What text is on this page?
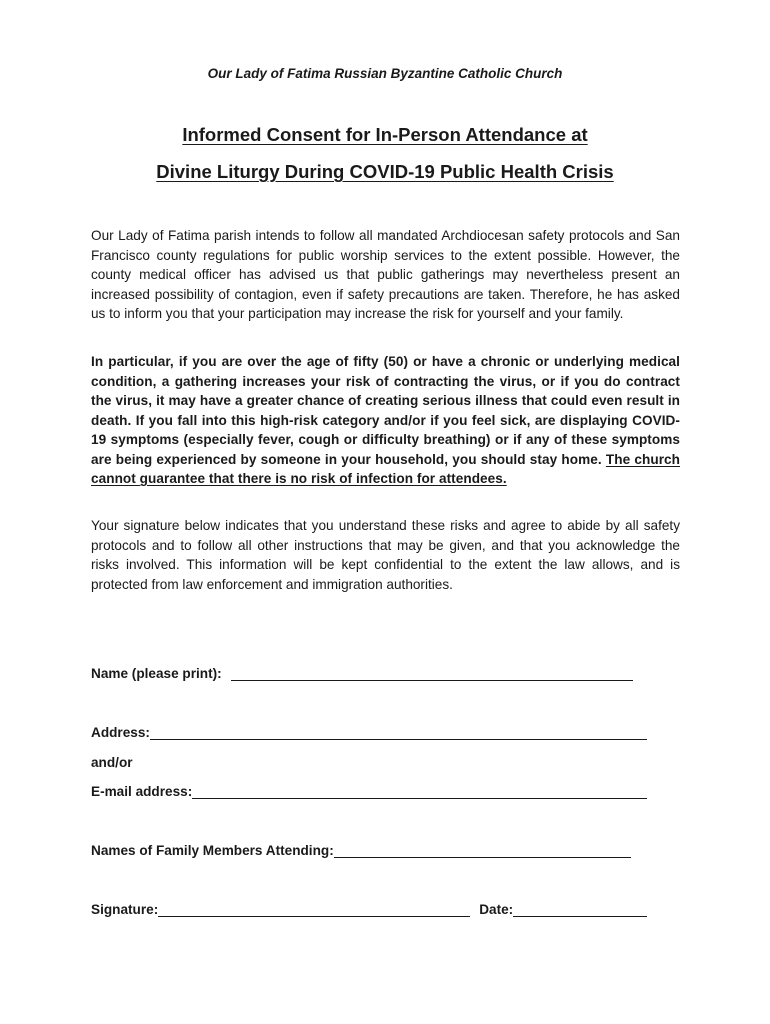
Our Lady of Fatima Russian Byzantine Catholic Church
Informed Consent for In-Person Attendance at
Divine Liturgy During COVID-19 Public Health Crisis

Our Lady of Fatima parish intends to follow all mandated Archdiocesan safety protocols and San Francisco county regulations for public worship services to the extent possible. However, the county medical officer has advised us that public gatherings may nevertheless present an increased possibility of contagion, even if safety precautions are taken. Therefore, he has asked us to inform you that your participation may increase the risk for yourself and your family.

In particular, if you are over the age of fifty (50) or have a chronic or underlying medical condition, a gathering increases your risk of contracting the virus, or if you do contract the virus, it may have a greater chance of creating serious illness that could even result in death. If you fall into this high-risk category and/or if you feel sick, are displaying COVID-19 symptoms (especially fever, cough or difficulty breathing) or if any of these symptoms are being experienced by someone in your household, you should stay home. The church cannot guarantee that there is no risk of infection for attendees.

Your signature below indicates that you understand these risks and agree to abide by all safety protocols and to follow all other instructions that may be given, and that you acknowledge the risks involved. This information will be kept confidential to the extent the law allows, and is protected from law enforcement and immigration authorities.

Name (please print):
Address:
and/or
E-mail address:
Names of Family Members Attending:
Signature:	Date:
